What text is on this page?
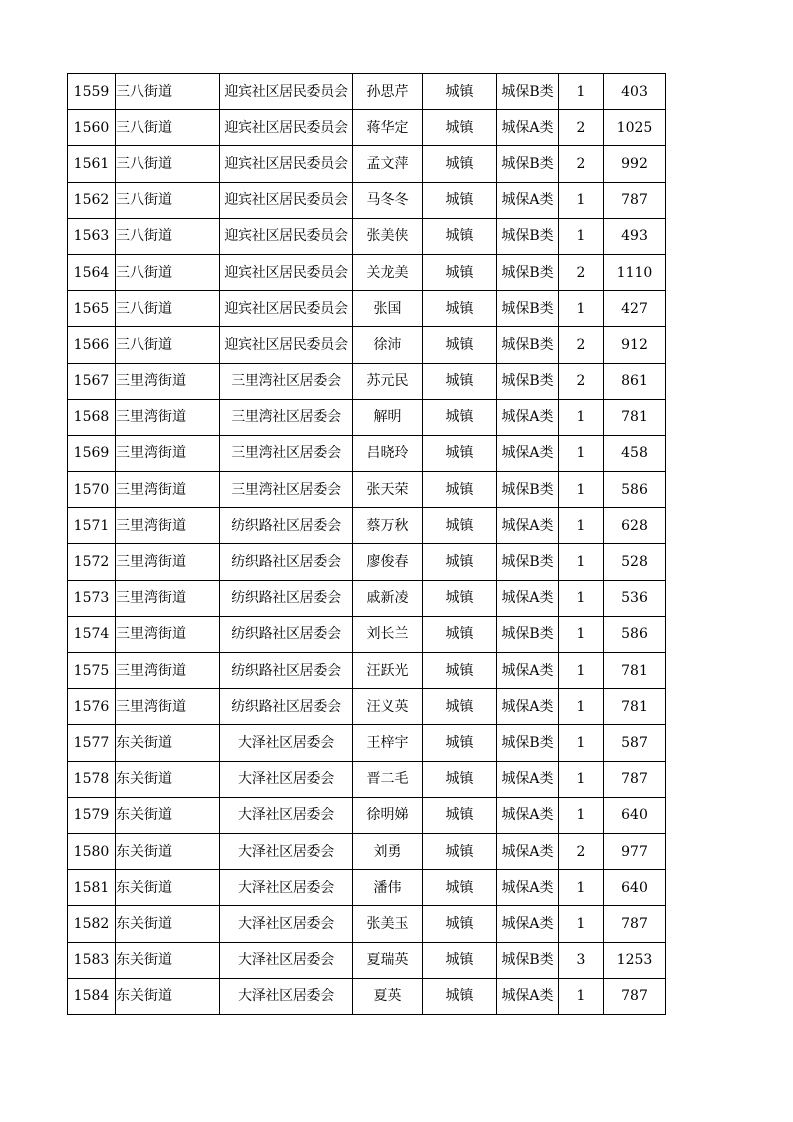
1559	三八街道	迎宾社区居民委员会	孙思芹	城镇	城保B类	1	403
1560	三八街道	迎宾社区居民委员会	蒋华定	城镇	城保A类	2	1025
1561	三八街道	迎宾社区居民委员会	孟文萍	城镇	城保B类	2	992
1562	三八街道	迎宾社区居民委员会	马冬冬	城镇	城保A类	1	787
1563	三八街道	迎宾社区居民委员会	张美侠	城镇	城保B类	1	493
1564	三八街道	迎宾社区居民委员会	关龙美	城镇	城保B类	2	1110
1565	三八街道	迎宾社区居民委员会	张国	城镇	城保B类	1	427
1566	三八街道	迎宾社区居民委员会	徐沛	城镇	城保B类	2	912
1567	三里湾街道	三里湾社区居委会	苏元民	城镇	城保B类	2	861
1568	三里湾街道	三里湾社区居委会	解明	城镇	城保A类	1	781
1569	三里湾街道	三里湾社区居委会	吕晓玲	城镇	城保A类	1	458
1570	三里湾街道	三里湾社区居委会	张天荣	城镇	城保B类	1	586
1571	三里湾街道	纺织路社区居委会	蔡万秋	城镇	城保A类	1	628
1572	三里湾街道	纺织路社区居委会	廖俊春	城镇	城保B类	1	528
1573	三里湾街道	纺织路社区居委会	戚新凌	城镇	城保A类	1	536
1574	三里湾街道	纺织路社区居委会	刘长兰	城镇	城保B类	1	586
1575	三里湾街道	纺织路社区居委会	汪跃光	城镇	城保A类	1	781
1576	三里湾街道	纺织路社区居委会	汪义英	城镇	城保A类	1	781
1577	东关街道	大泽社区居委会	王梓宇	城镇	城保B类	1	587
1578	东关街道	大泽社区居委会	晋二毛	城镇	城保A类	1	787
1579	东关街道	大泽社区居委会	徐明娣	城镇	城保A类	1	640
1580	东关街道	大泽社区居委会	刘勇	城镇	城保A类	2	977
1581	东关街道	大泽社区居委会	潘伟	城镇	城保A类	1	640
1582	东关街道	大泽社区居委会	张美玉	城镇	城保A类	1	787
1583	东关街道	大泽社区居委会	夏瑞英	城镇	城保B类	3	1253
1584	东关街道	大泽社区居委会	夏英	城镇	城保A类	1	787
